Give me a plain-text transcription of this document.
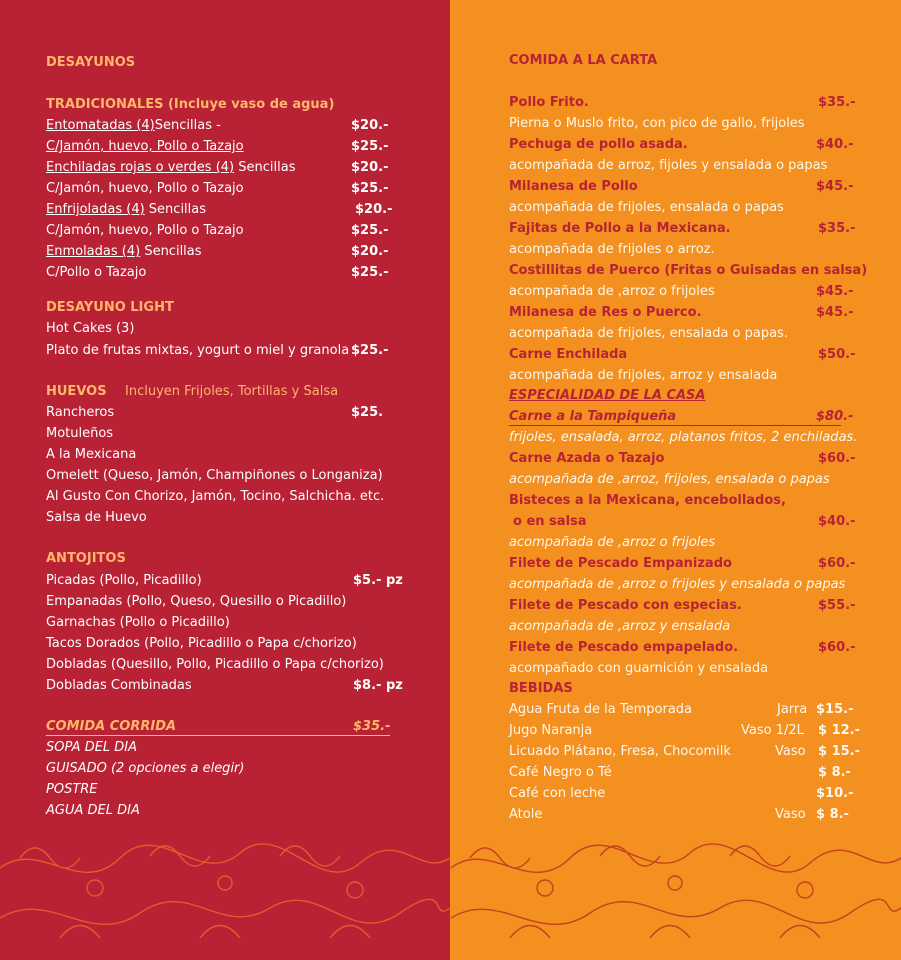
DESAYUNOS
TRADICIONALES (Incluye vaso de agua)
Entomatadas (4)Sencillas -	$20.-
C/Jamón, huevo, Pollo o Tazajo	$25.-
Enchiladas rojas o verdes (4) Sencillas	$20.-
C/Jamón, huevo, Pollo o Tazajo	$25.-
Enfrijoladas (4) Sencillas	$20.-
C/Jamón, huevo, Pollo o Tazajo	$25.-
Enmoladas (4) Sencillas	$20.-
C/Pollo o Tazajo	$25.-
DESAYUNO LIGHT
Hot Cakes (3)
Plato de frutas mixtas, yogurt o miel y granola $25.-
HUEVOS Incluyen Frijoles, Tortillas y Salsa
Rancheros	$25.
Motuleños
A la Mexicana
Omelett (Queso, Jamón, Champiñones o Longaniza)
Al Gusto Con Chorizo, Jamón, Tocino, Salchicha. etc.
Salsa de Huevo
ANTOJITOS
Picadas (Pollo, Picadillo)	$5.- pz
Empanadas (Pollo, Queso, Quesillo o Picadillo)
Garnachas (Pollo o Picadillo)
Tacos Dorados (Pollo, Picadillo o Papa c/chorizo)
Dobladas (Quesillo, Pollo, Picadillo o Papa c/chorizo)
Dobladas Combinadas	$8.- pz
COMIDA CORRIDA	$35.-
SOPA DEL DIA
GUISADO (2 opciones a elegir)
POSTRE
AGUA DEL DIA
COMIDA A LA CARTA
Pollo Frito.	$35.-
Pierna o Muslo frito, con pico de gallo, frijoles
Pechuga de pollo asada.	$40.-
acompañada de arroz, fijoles y ensalada o papas
Milanesa de Pollo	$45.-
acompañada de frijoles, ensalada o papas
Fajitas de Pollo a la Mexicana.	$35.-
acompañada de frijoles o arroz.
Costillitas de Puerco (Fritas o Guisadas en salsa)
acompañada de ,arroz o frijoles	$45.-
Milanesa de Res o Puerco.	$45.-
acompañada de frijoles, ensalada o papas.
Carne Enchilada	$50.-
acompañada de frijoles, arroz y ensalada
ESPECIALIDAD DE LA CASA
Carne a la Tampiqueña	$80.-
frijoles, ensalada, arroz, platanos fritos, 2 enchiladas.
Carne Azada o Tazajo	$60.-
acompañada de ,arroz, frijoles, ensalada o papas
Bisteces a la Mexicana, encebollados,
o en salsa	$40.-
acompañada de ,arroz o frijoles
Filete de Pescado Empanizado	$60.-
acompañada de ,arroz o frijoles y ensalada o papas
Filete de Pescado con especias.	$55.-
acompañada de ,arroz y ensalada
Filete de Pescado empapelado.	$60.-
acompañado con guarnición y ensalada
BEBIDAS
Agua Fruta de la Temporada	Jarra $15.-
Jugo Naranja	Vaso 1/2L $ 12.-
Licuado Plátano, Fresa, Chocomilk	Vaso $ 15.-
Café Negro o Té	$ 8.-
Café con leche	$10.-
Atole	Vaso $ 8.-
